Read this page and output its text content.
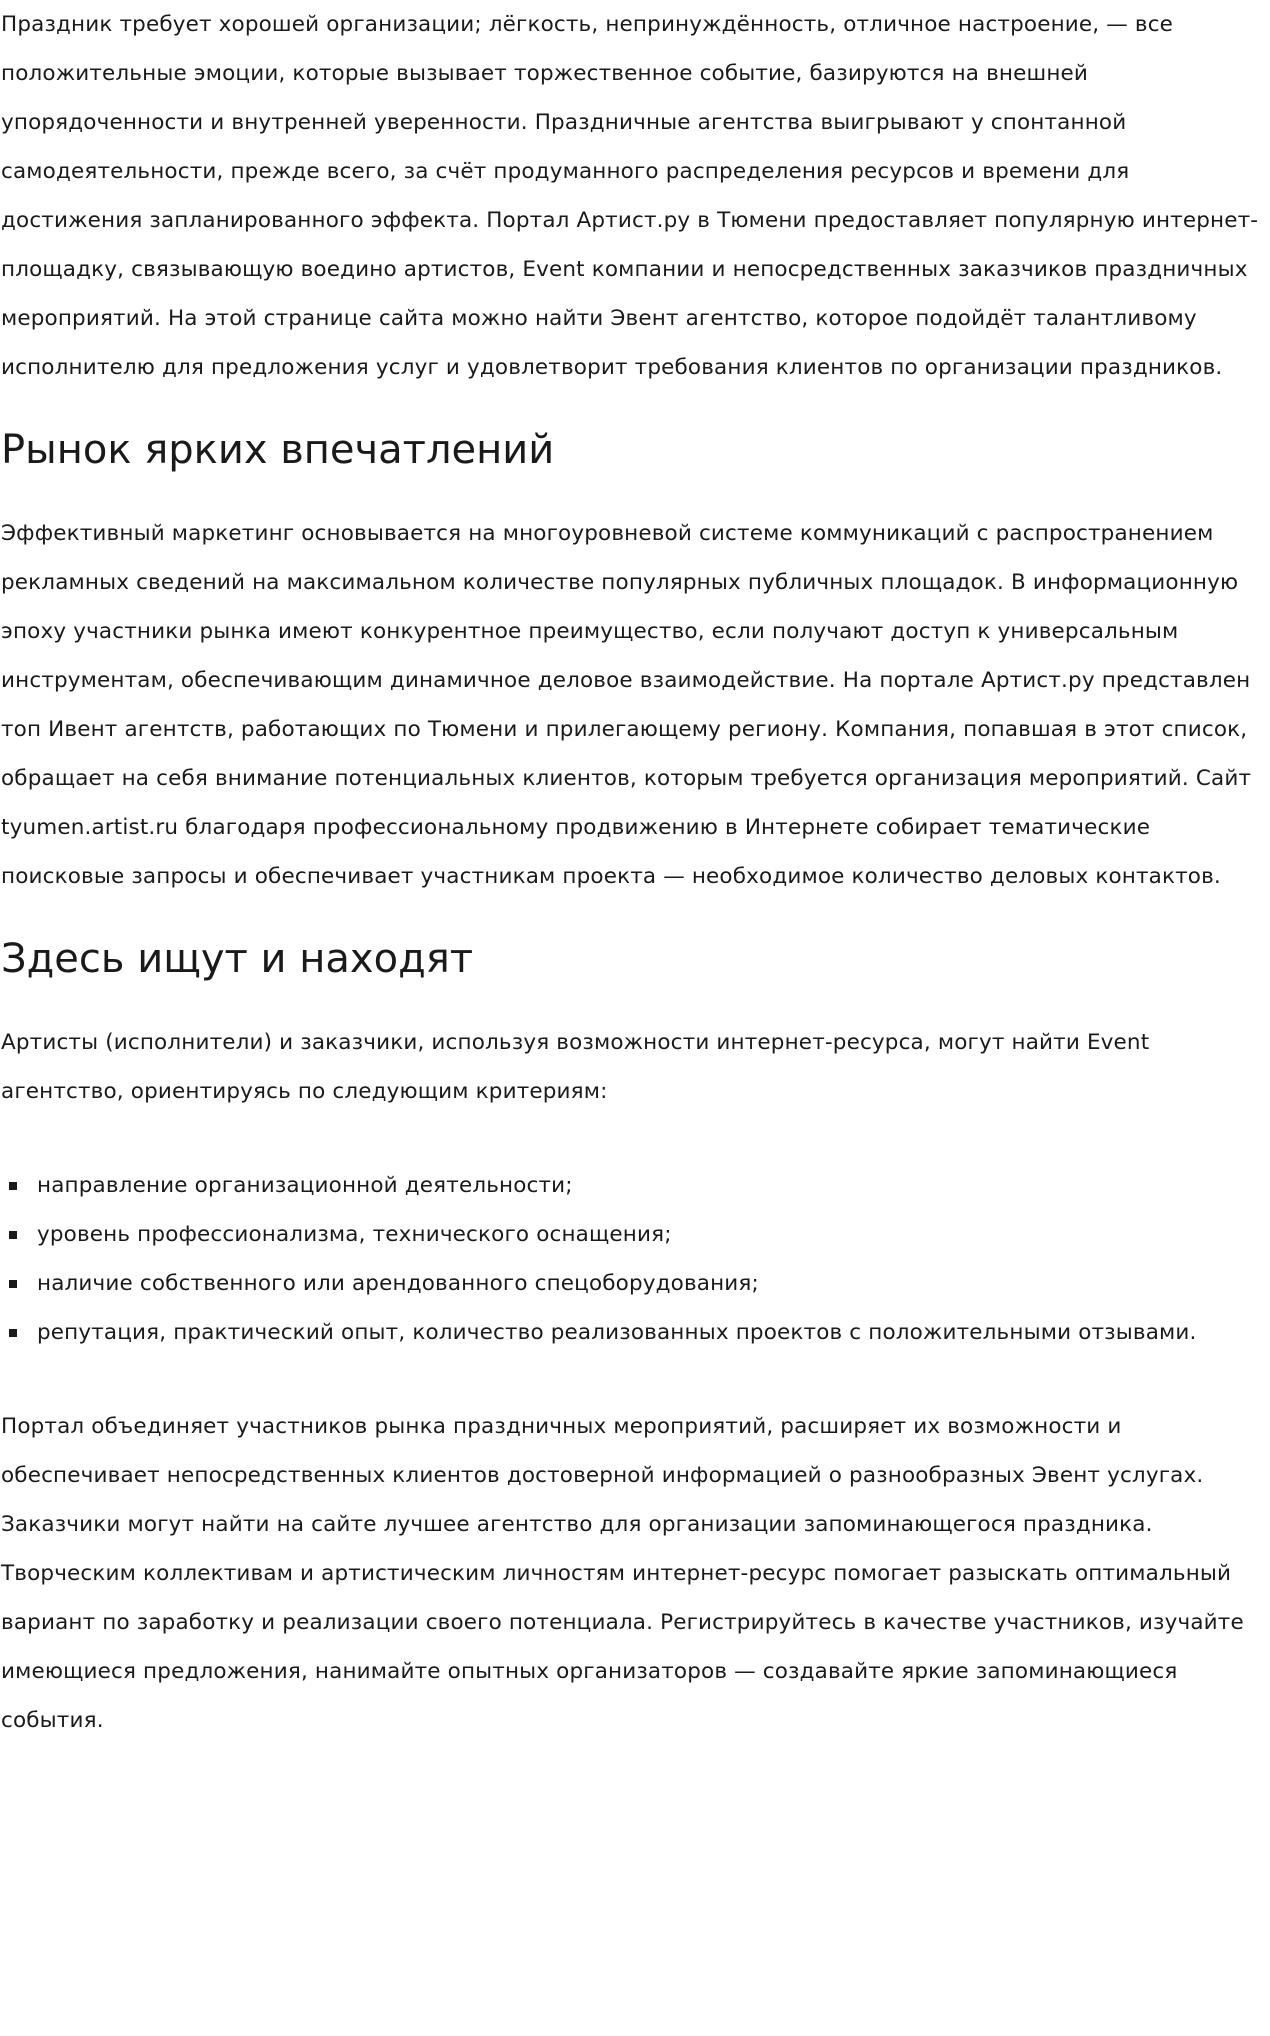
Праздник требует хорошей организации; лёгкость, непринуждённость, отличное настроение, — все положительные эмоции, которые вызывает торжественное событие, базируются на внешней упорядоченности и внутренней уверенности. Праздничные агентства выигрывают у спонтанной самодеятельности, прежде всего, за счёт продуманного распределения ресурсов и времени для достижения запланированного эффекта. Портал Артист.ру в Тюмени предоставляет популярную интернет-площадку, связывающую воедино артистов, Event компании и непосредственных заказчиков праздничных мероприятий. На этой странице сайта можно найти Эвент агентство, которое подойдёт талантливому исполнителю для предложения услуг и удовлетворит требования клиентов по организации праздников.

Рынок ярких впечатлений

Эффективный маркетинг основывается на многоуровневой системе коммуникаций с распространением рекламных сведений на максимальном количестве популярных публичных площадок. В информационную эпоху участники рынка имеют конкурентное преимущество, если получают доступ к универсальным инструментам, обеспечивающим динамичное деловое взаимодействие. На портале Артист.ру представлен топ Ивент агентств, работающих по Тюмени и прилегающему региону. Компания, попавшая в этот список, обращает на себя внимание потенциальных клиентов, которым требуется организация мероприятий. Сайт tyumen.artist.ru благодаря профессиональному продвижению в Интернете собирает тематические поисковые запросы и обеспечивает участникам проекта — необходимое количество деловых контактов.

Здесь ищут и находят

Артисты (исполнители) и заказчики, используя возможности интернет-ресурса, могут найти Event агентство, ориентируясь по следующим критериям:

направление организационной деятельности;
уровень профессионализма, технического оснащения;
наличие собственного или арендованного спецоборудования;
репутация, практический опыт, количество реализованных проектов с положительными отзывами.

Портал объединяет участников рынка праздничных мероприятий, расширяет их возможности и обеспечивает непосредственных клиентов достоверной информацией о разнообразных Эвент услугах. Заказчики могут найти на сайте лучшее агентство для организации запоминающегося праздника. Творческим коллективам и артистическим личностям интернет-ресурс помогает разыскать оптимальный вариант по заработку и реализации своего потенциала. Регистрируйтесь в качестве участников, изучайте имеющиеся предложения, нанимайте опытных организаторов — создавайте яркие запоминающиеся события.
